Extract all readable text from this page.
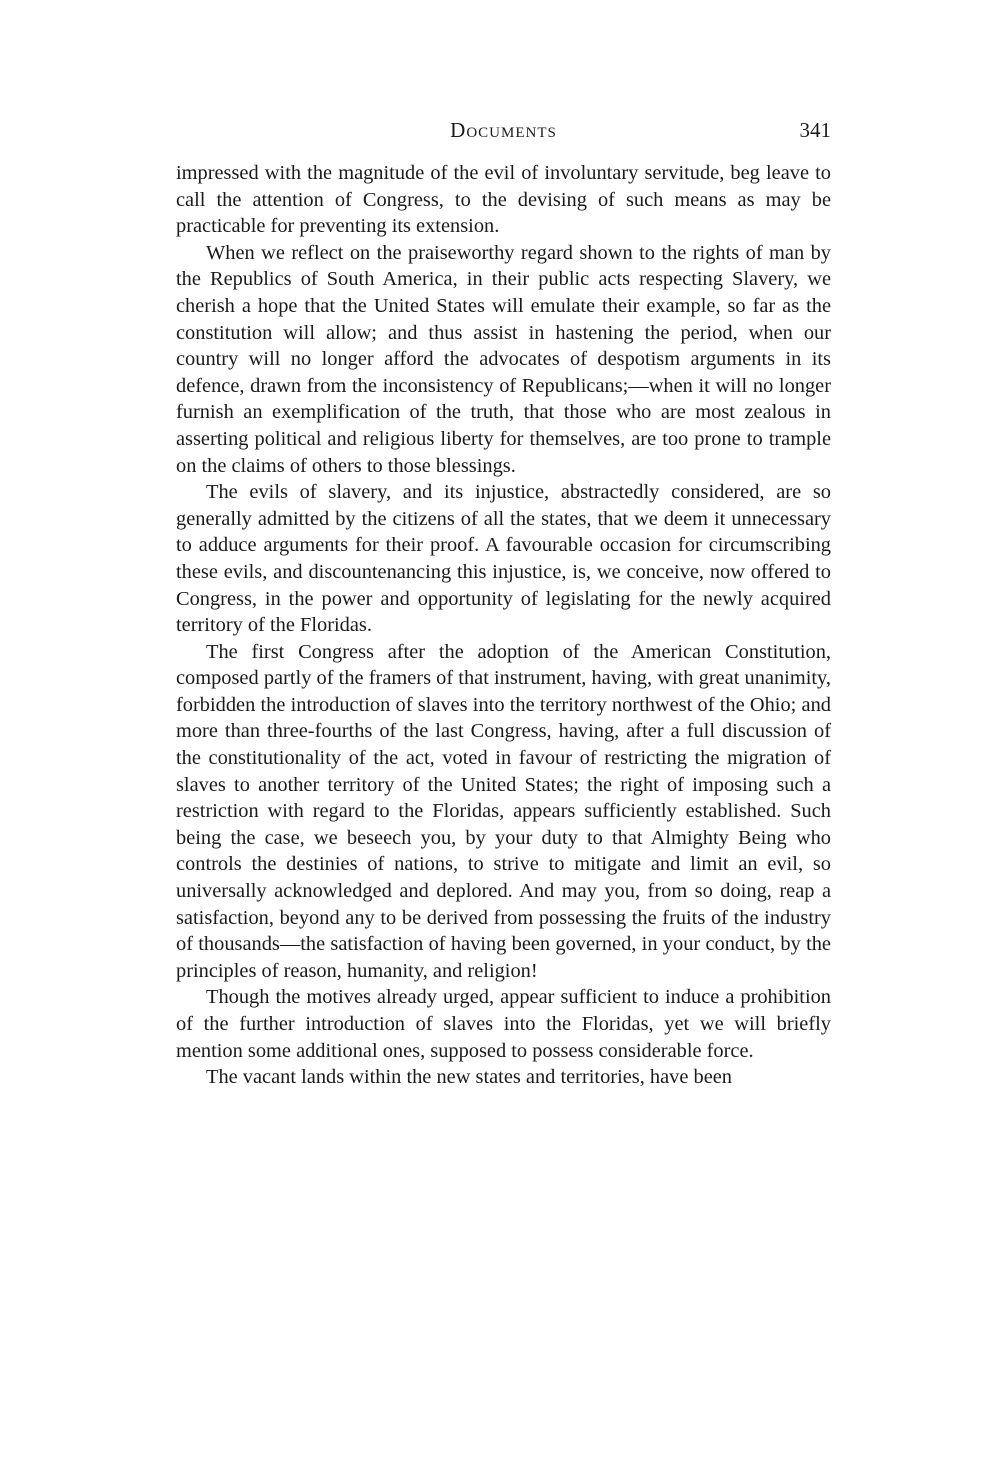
Documents	341

impressed with the magnitude of the evil of involuntary servitude, beg leave to call the attention of Congress, to the devising of such means as may be practicable for preventing its extension.

When we reflect on the praiseworthy regard shown to the rights of man by the Republics of South America, in their public acts respecting Slavery, we cherish a hope that the United States will emulate their example, so far as the constitution will allow; and thus assist in hastening the period, when our country will no longer afford the advocates of despotism arguments in its defence, drawn from the inconsistency of Republicans;—when it will no longer furnish an exemplification of the truth, that those who are most zealous in asserting political and religious liberty for themselves, are too prone to trample on the claims of others to those blessings.

The evils of slavery, and its injustice, abstractedly considered, are so generally admitted by the citizens of all the states, that we deem it unnecessary to adduce arguments for their proof. A favourable occasion for circumscribing these evils, and discountenancing this injustice, is, we conceive, now offered to Congress, in the power and opportunity of legislating for the newly acquired territory of the Floridas.

The first Congress after the adoption of the American Constitution, composed partly of the framers of that instrument, having, with great unanimity, forbidden the introduction of slaves into the territory northwest of the Ohio; and more than three-fourths of the last Congress, having, after a full discussion of the constitutionality of the act, voted in favour of restricting the migration of slaves to another territory of the United States; the right of imposing such a restriction with regard to the Floridas, appears sufficiently established. Such being the case, we beseech you, by your duty to that Almighty Being who controls the destinies of nations, to strive to mitigate and limit an evil, so universally acknowledged and deplored. And may you, from so doing, reap a satisfaction, beyond any to be derived from possessing the fruits of the industry of thousands—the satisfaction of having been governed, in your conduct, by the principles of reason, humanity, and religion!

Though the motives already urged, appear sufficient to induce a prohibition of the further introduction of slaves into the Floridas, yet we will briefly mention some additional ones, supposed to possess considerable force.

The vacant lands within the new states and territories, have been
